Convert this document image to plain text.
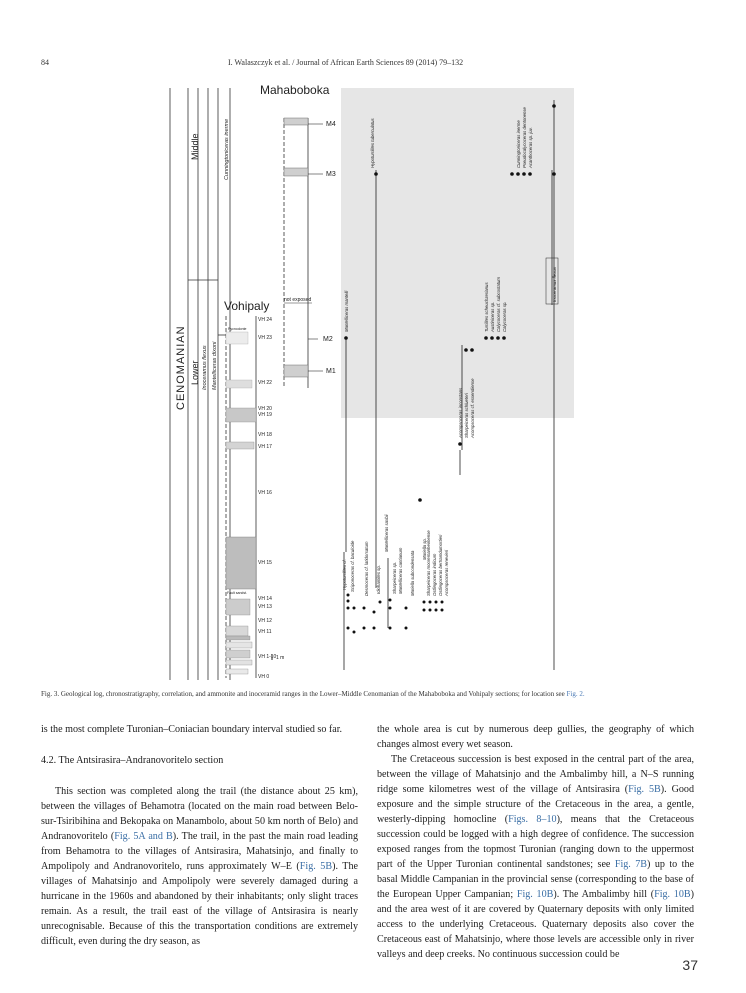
84	I. Walaszczyk et al. / Journal of African Earth Sciences 89 (2014) 79–132
CENOMANIAN
Middle
Lower Inoceramus flexus Mantelliceras dixoni
Cunningtoniceras inerme
Mahaboboka
Vohipaly
M4
M3
M2
M1
not exposed
VH 24
VH 23
VH 22
VH 20
VH 19
VH 18
VH 17
VH 16
VH 15
VH 14
VH 13
VH 12
VH 11
VH 1-10
VH 0
1 m
Fault sandst.
Pycnodonte
Hypoturrilites cf. Sciponoceras cf. baculoide Desmoceras cf. latidorsatum	Mariella sp.
Hypoturrilites tuberculatus
Mantelliceras mantelli
Idiohamites sp.
Mantelliceras saxbii
Sharpeiceras sp. Mantelliceras cantianum	Sharpeiceras mooremanheimense
Mariella subcondensata	Ostlingoceras indicum Ostlingoceras bertramdumortieri Acompsoceras renevieri
Acompsoceras inconstans Sharpeiceras schlueteri Acompsoceras cf. essendiense
Turrilites scheuchzerianus Austiniceras sp. Calycoceras cf. subcostatum Calycoceras sp.
Cunningtoniceras inerme
Inoceramus flexus
Pseudocalycoceras dentonense Acanthoceras sp. juv.
Fig. 3. Geological log, chronostratigraphy, correlation, and ammonite and inoceramid ranges in the Lower–Middle Cenomanian of the Mahaboboka and Vohipaly sections; for location see Fig. 2.

is the most complete Turonian–Coniacian boundary interval studied so far.

4.2. The Antsirasira–Andranovoritelo section

This section was completed along the trail (the distance about 25 km), between the villages of Behamotra (located on the main road between Belo-sur-Tsiribihina and Bekopaka on Manambolo, about 50 km north of Belo) and Andranovoritelo (Fig. 5A and B). The trail, in the past the main road leading from Behamotra to the villages of Antsirasira, Mahatsinjo, and finally to Ampolipoly and Andranovoritelo, runs approximately W–E (Fig. 5B). The villages of Mahatsinjo and Ampolipoly were severely damaged during a hurricane in the 1960s and abandoned by their inhabitants; only slight traces remain. As a result, the trail east of the village of Antsirasira is nearly unrecognisable. Because of this the transportation conditions are extremely difficult, even during the dry season, as

the whole area is cut by numerous deep gullies, the geography of which changes almost every wet season.

The Cretaceous succession is best exposed in the central part of the area, between the village of Mahatsinjo and the Ambalimby hill, a N–S running ridge some kilometres west of the village of Antsirasira (Fig. 5B). Good exposure and the simple structure of the Cretaceous in the area, a gentle, westerly-dipping homocline (Figs. 8–10), means that the Cretaceous succession could be logged with a high degree of confidence. The succession exposed ranges from the topmost Turonian (ranging down to the uppermost part of the Upper Turonian continental sandstones; see Fig. 7B) up to the basal Middle Campanian in the provincial sense (corresponding to the base of the European Upper Campanian; Fig. 10B). The Ambalimby hill (Fig. 10B) and the area west of it are covered by Quaternary deposits with only limited access to the underlying Cretaceous. Quaternary deposits also cover the Cretaceous east of Mahatsinjo, where those levels are accessible only in river valleys and deep creeks. No continuous succession could be

37
